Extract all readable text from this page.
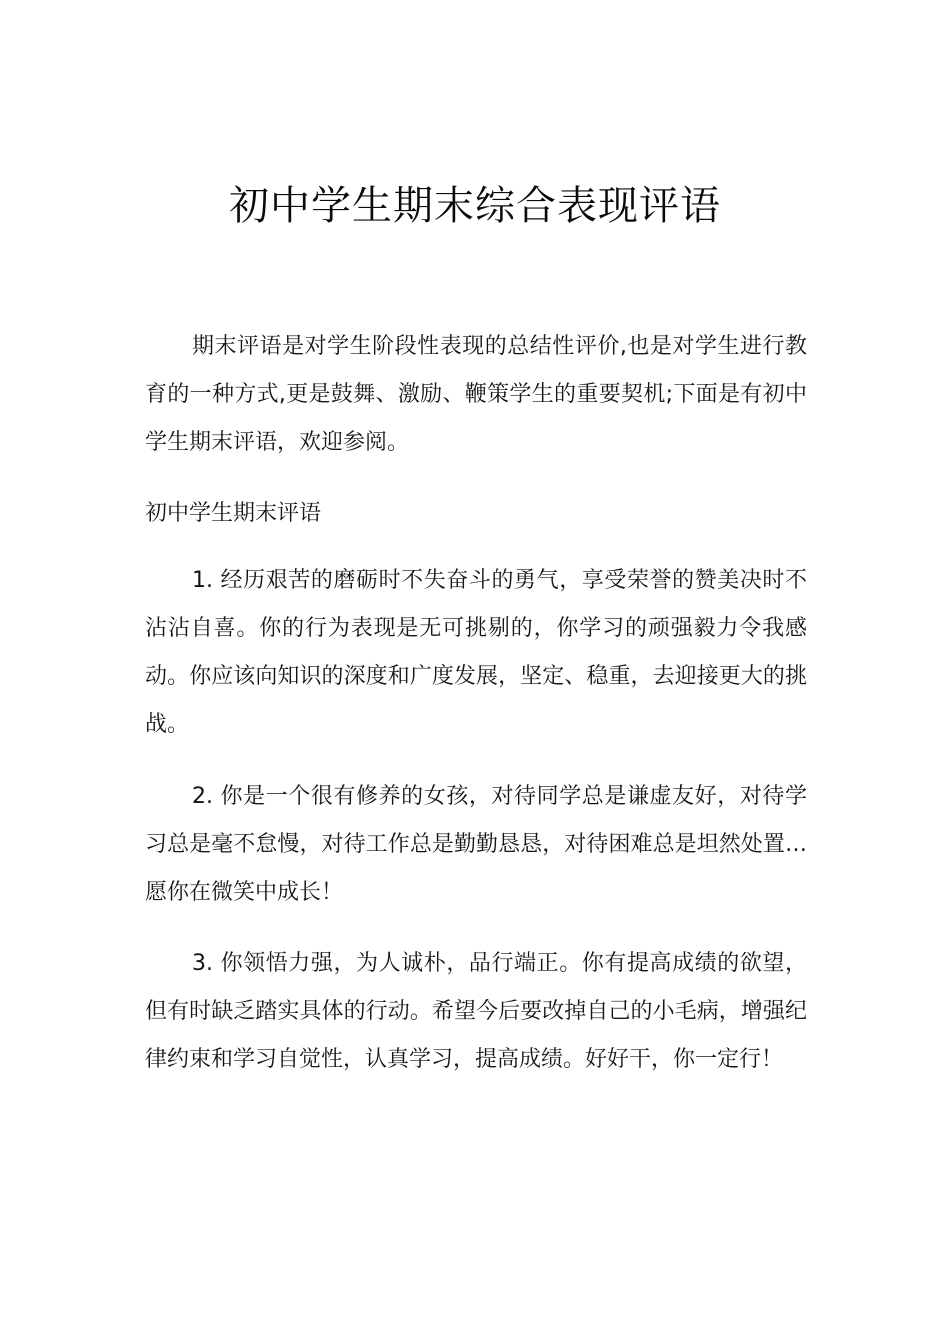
初中学生期末综合表现评语

期末评语是对学生阶段性表现的总结性评价,也是对学生进行教育的一种方式,更是鼓舞、激励、鞭策学生的重要契机;下面是有初中学生期末评语，欢迎参阅。

初中学生期末评语

1. 经历艰苦的磨砺时不失奋斗的勇气，享受荣誉的赞美决时不沾沾自喜。你的行为表现是无可挑剔的，你学习的顽强毅力令我感动。你应该向知识的深度和广度发展，坚定、稳重，去迎接更大的挑战。

2. 你是一个很有修养的女孩，对待同学总是谦虚友好，对待学习总是毫不怠慢，对待工作总是勤勤恳恳，对待困难总是坦然处置…愿你在微笑中成长！

3. 你领悟力强，为人诚朴，品行端正。你有提高成绩的欲望，但有时缺乏踏实具体的行动。希望今后要改掉自己的小毛病，增强纪律约束和学习自觉性，认真学习，提高成绩。好好干，你一定行！
